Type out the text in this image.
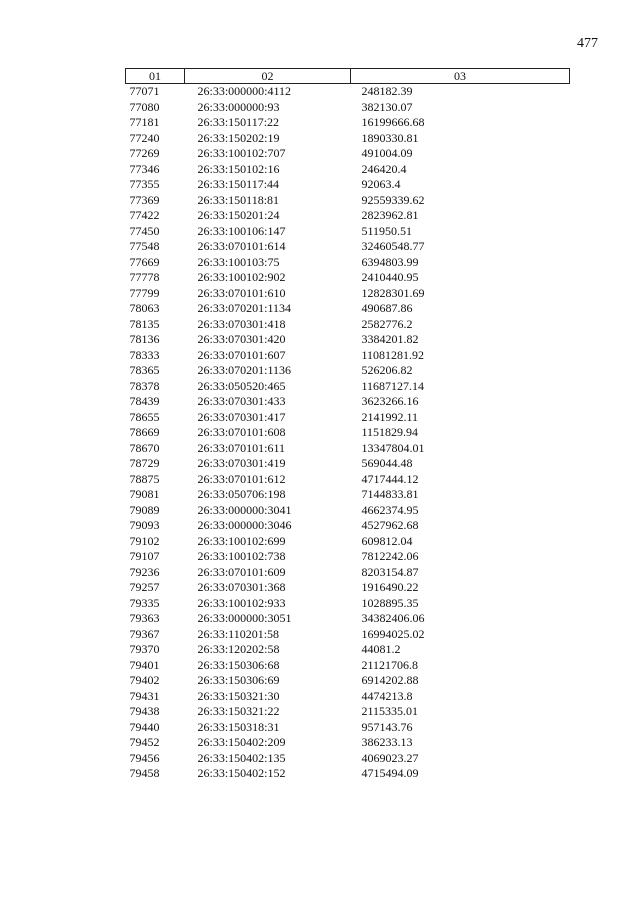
477
01	02	03
77071	26:33:000000:4112	248182.39
77080	26:33:000000:93	382130.07
77181	26:33:150117:22	16199666.68
77240	26:33:150202:19	1890330.81
77269	26:33:100102:707	491004.09
77346	26:33:150102:16	246420.4
77355	26:33:150117:44	92063.4
77369	26:33:150118:81	92559339.62
77422	26:33:150201:24	2823962.81
77450	26:33:100106:147	511950.51
77548	26:33:070101:614	32460548.77
77669	26:33:100103:75	6394803.99
77778	26:33:100102:902	2410440.95
77799	26:33:070101:610	12828301.69
78063	26:33:070201:1134	490687.86
78135	26:33:070301:418	2582776.2
78136	26:33:070301:420	3384201.82
78333	26:33:070101:607	11081281.92
78365	26:33:070201:1136	526206.82
78378	26:33:050520:465	11687127.14
78439	26:33:070301:433	3623266.16
78655	26:33:070301:417	2141992.11
78669	26:33:070101:608	1151829.94
78670	26:33:070101:611	13347804.01
78729	26:33:070301:419	569044.48
78875	26:33:070101:612	4717444.12
79081	26:33:050706:198	7144833.81
79089	26:33:000000:3041	4662374.95
79093	26:33:000000:3046	4527962.68
79102	26:33:100102:699	609812.04
79107	26:33:100102:738	7812242.06
79236	26:33:070101:609	8203154.87
79257	26:33:070301:368	1916490.22
79335	26:33:100102:933	1028895.35
79363	26:33:000000:3051	34382406.06
79367	26:33:110201:58	16994025.02
79370	26:33:120202:58	44081.2
79401	26:33:150306:68	21121706.8
79402	26:33:150306:69	6914202.88
79431	26:33:150321:30	4474213.8
79438	26:33:150321:22	2115335.01
79440	26:33:150318:31	957143.76
79452	26:33:150402:209	386233.13
79456	26:33:150402:135	4069023.27
79458	26:33:150402:152	4715494.09
